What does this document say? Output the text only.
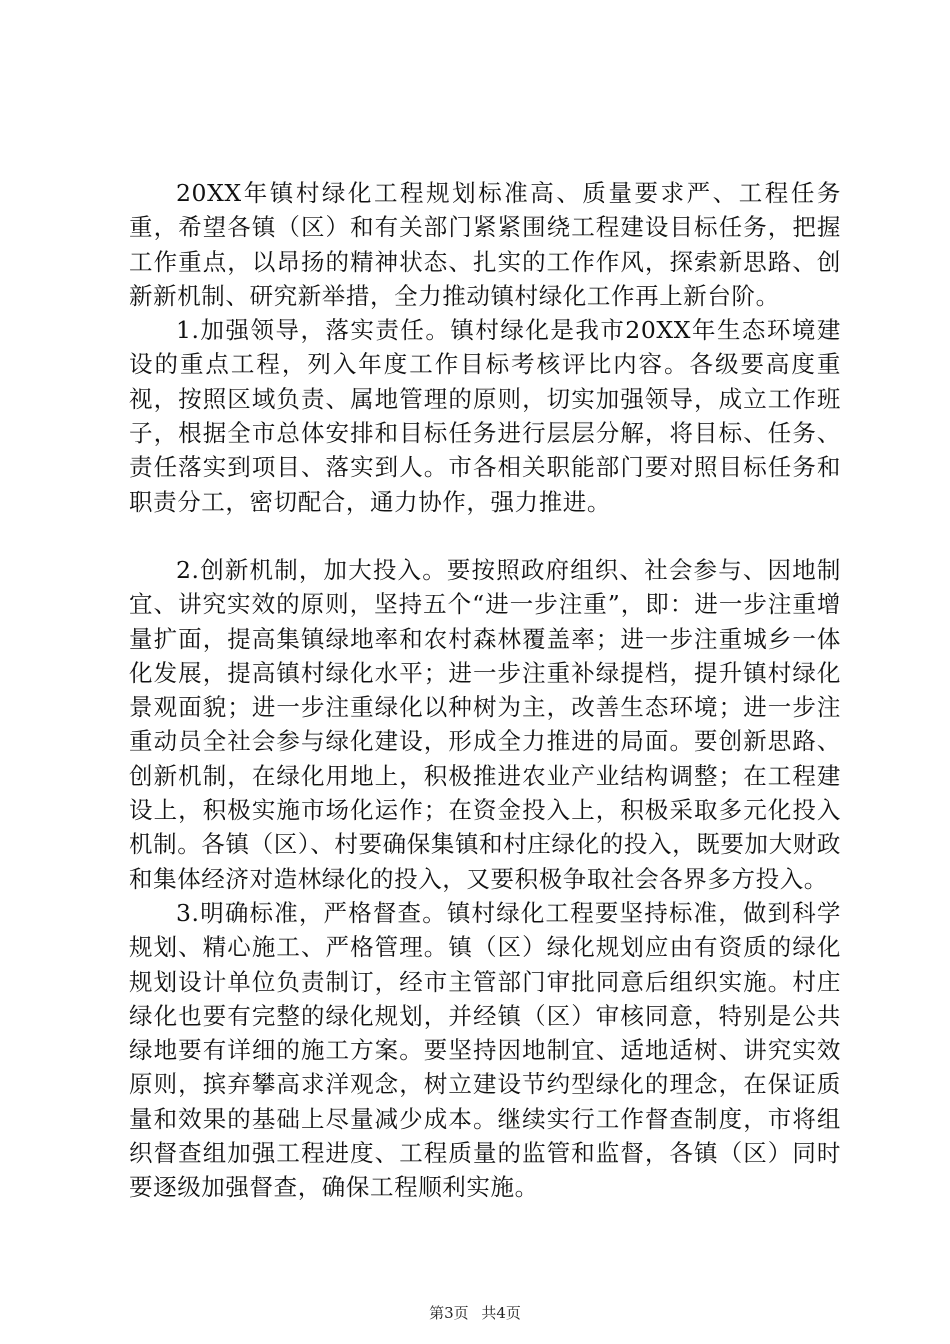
20XX年镇村绿化工程规划标准高、质量要求严、工程任务重，希望各镇（区）和有关部门紧紧围绕工程建设目标任务，把握工作重点，以昂扬的精神状态、扎实的工作作风，探索新思路、创新新机制、研究新举措，全力推动镇村绿化工作再上新台阶。

1.加强领导，落实责任。镇村绿化是我市20XX年生态环境建设的重点工程，列入年度工作目标考核评比内容。各级要高度重视，按照区域负责、属地管理的原则，切实加强领导，成立工作班子，根据全市总体安排和目标任务进行层层分解，将目标、任务、责任落实到项目、落实到人。市各相关职能部门要对照目标任务和职责分工，密切配合，通力协作，强力推进。

2.创新机制，加大投入。要按照政府组织、社会参与、因地制宜、讲究实效的原则，坚持五个“进一步注重”，即：进一步注重增量扩面，提高集镇绿地率和农村森林覆盖率；进一步注重城乡一体化发展，提高镇村绿化水平；进一步注重补绿提档，提升镇村绿化景观面貌；进一步注重绿化以种树为主，改善生态环境；进一步注重动员全社会参与绿化建设，形成全力推进的局面。要创新思路、创新机制，在绿化用地上，积极推进农业产业结构调整；在工程建设上，积极实施市场化运作；在资金投入上，积极采取多元化投入机制。各镇（区）、村要确保集镇和村庄绿化的投入，既要加大财政和集体经济对造林绿化的投入，又要积极争取社会各界多方投入。

3.明确标准，严格督查。镇村绿化工程要坚持标准，做到科学规划、精心施工、严格管理。镇（区）绿化规划应由有资质的绿化规划设计单位负责制订，经市主管部门审批同意后组织实施。村庄绿化也要有完整的绿化规划，并经镇（区）审核同意，特别是公共绿地要有详细的施工方案。要坚持因地制宜、适地适树、讲究实效原则，摈弃攀高求洋观念，树立建设节约型绿化的理念，在保证质量和效果的基础上尽量减少成本。继续实行工作督查制度，市将组织督查组加强工程进度、工程质量的监管和监督，各镇（区）同时要逐级加强督查，确保工程顺利实施。

第3页 共4页
